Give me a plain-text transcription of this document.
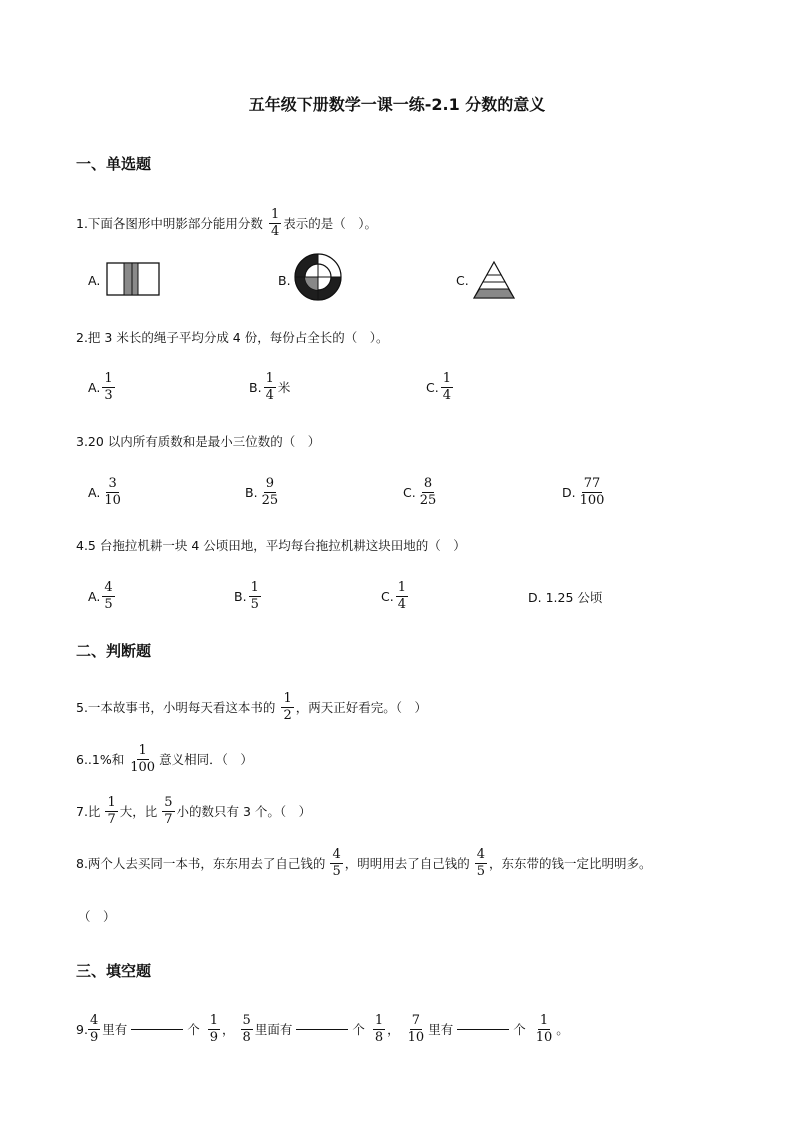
五年级下册数学一课一练-2.1 分数的意义
一、单选题
1.下面各图形中明影部分能用分数 $\frac{1}{4}$ 表示的是（　）。
A.	B.	C.
2.把 3 米长的绳子平均分成 4 份，每份占全长的（　）。
A. $\frac{1}{3}$	B. $\frac{1}{4}$ 米	C. $\frac{1}{4}$
3.20 以内所有质数和是最小三位数的（　）
A. $\frac{3}{10}$	B. $\frac{9}{25}$	C. $\frac{8}{25}$	D. $\frac{77}{100}$
4.5 台拖拉机耕一块 4 公顷田地，平均每台拖拉机耕这块田地的（　）
A. $\frac{4}{5}$	B. $\frac{1}{5}$	C. $\frac{1}{4}$	D. 1.25 公顷
二、判断题
5.一本故事书，小明每天看这本书的 $\frac{1}{2}$ ，两天正好看完。（　）
6..1%和 $\frac{1}{100}$ 意义相同．（　）
7.比 $\frac{1}{7}$ 大，比 $\frac{5}{7}$ 小的数只有 3 个。（　）
8.两个人去买同一本书，东东用去了自己钱的 $\frac{4}{5}$ ，明明用去了自己钱的 $\frac{4}{5}$ ，东东带的钱一定比明明多。
（　）
三、填空题
9. $\frac{4}{9}$ 里有	个 $\frac{1}{9}$ ， $\frac{5}{8}$ 里面有	个 $\frac{1}{8}$ ， $\frac{7}{10}$ 里有	个 $\frac{1}{10}$ 。
